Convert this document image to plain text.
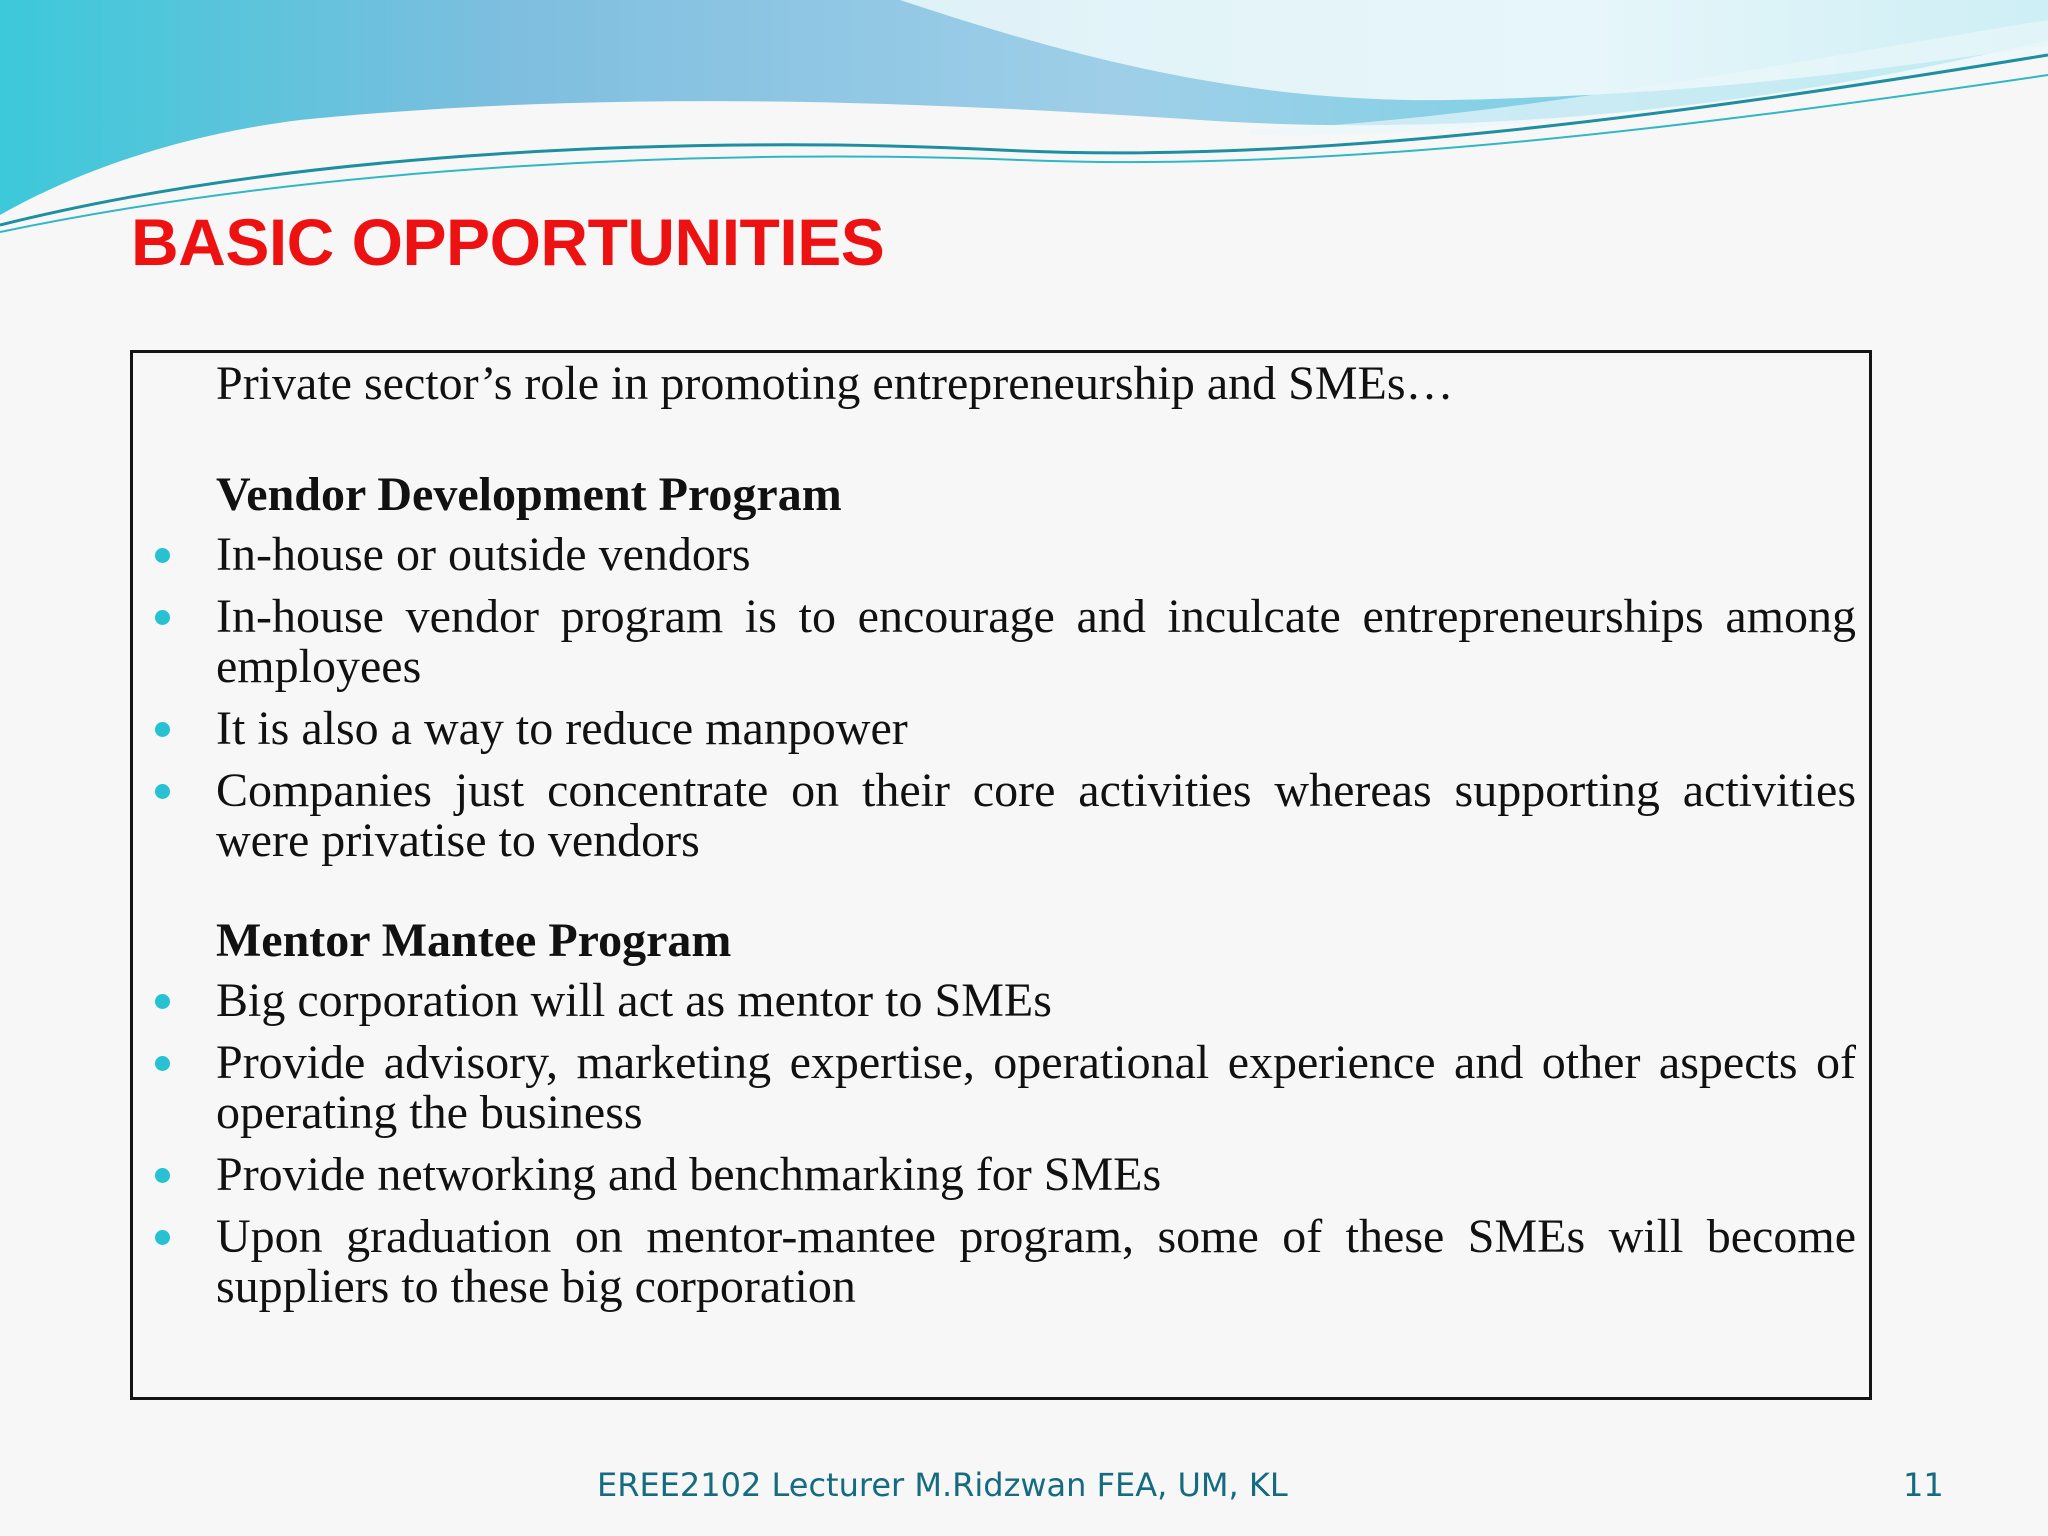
BASIC OPPORTUNITIES
Private sector’s role in promoting entrepreneurship and SMEs…
Vendor Development Program
In-house or outside vendors
In-house vendor program is to encourage and inculcate entrepreneurships among employees
It is also a way to reduce manpower
Companies just concentrate on their core activities whereas supporting activities were privatise to vendors
Mentor Mantee Program
Big corporation will act as mentor to SMEs
Provide advisory, marketing expertise, operational experience and other aspects of operating the business
Provide networking and benchmarking for SMEs
Upon graduation on mentor-mantee program, some of these SMEs will become suppliers to these big corporation
EREE2102 Lecturer M.Ridzwan FEA, UM, KL	11
